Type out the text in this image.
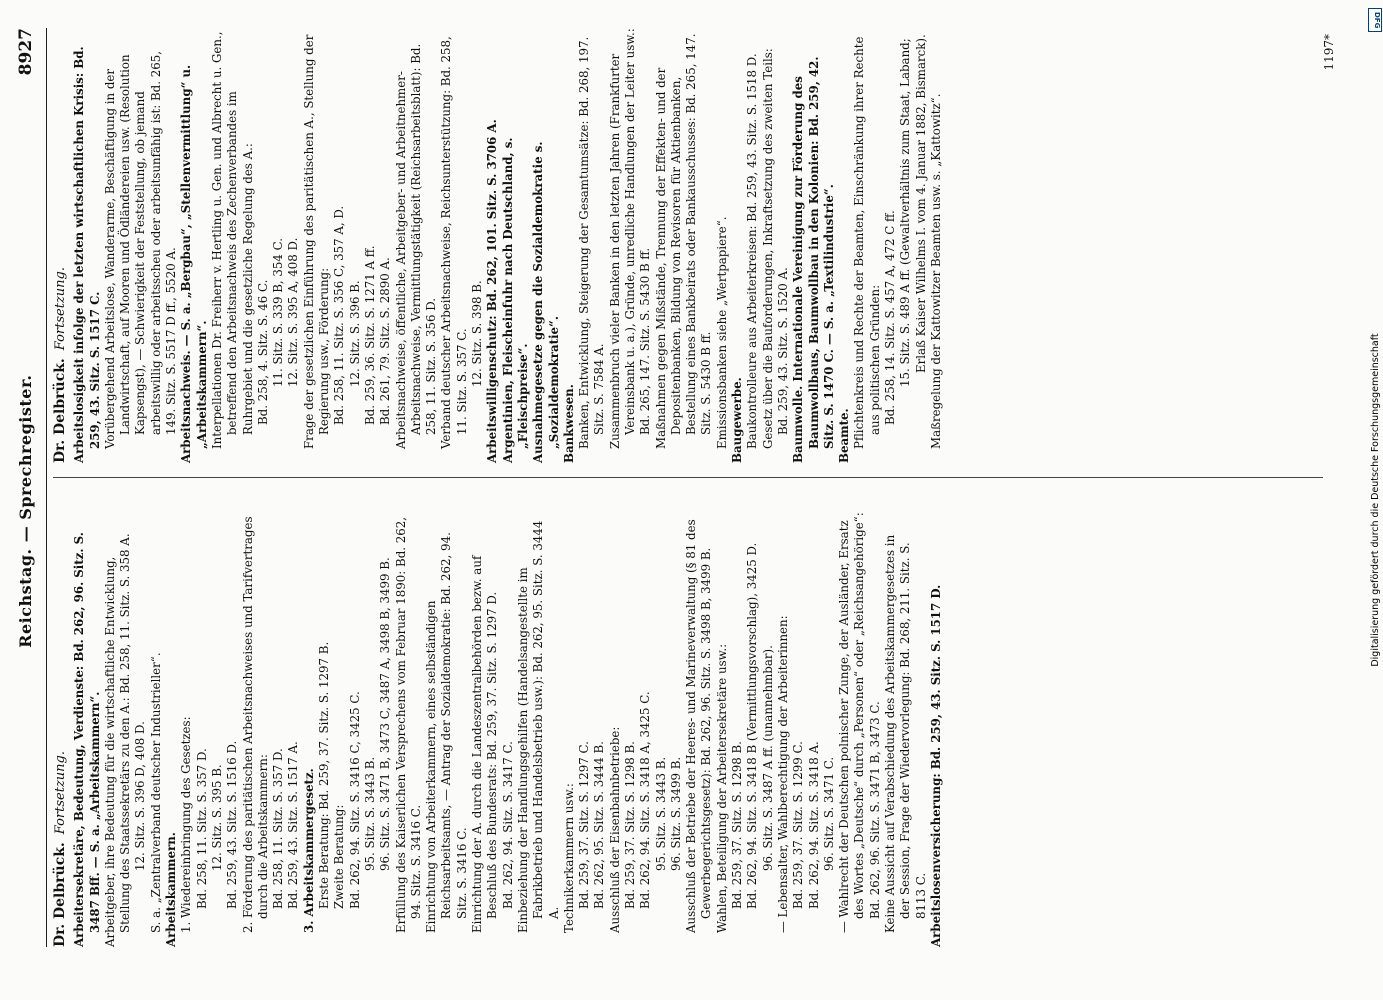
Reichstag. — Sprechregister.
8927
Dr. Delbrück.Fortsetzung. Arbeitersekretäre, Bedeutung, Verdienste: Bd. 262, 96. Sitz. S. 3487 Bff. — S. a. „Arbeitskammern“. Arbeitgeber, ihre Bedeutung für die wirtschaftliche Entwicklung, Stellung des Staatssekretärs zu den A.: Bd. 258, 11. Sitz. S. 358 A. 12. Sitz. S. 396 D, 408 D. S. a. „Zentralverband deutscher Industrieller“. Arbeitskammern. 1. Wiedereinbringung des Gesetzes: Bd. 258, 11. Sitz. S. 357 D. 12. Sitz. S. 395 B. Bd. 259, 43. Sitz. S. 1516 D. 2. Förderung des paritätischen Arbeitsnachweises und Tarifvertrages durch die Arbeitskammern: Bd. 258, 11. Sitz. S. 357 D. Bd. 259, 43. Sitz. S. 1517 A. 3. Arbeitskammergesetz. Erste Beratung: Bd. 259, 37. Sitz. S. 1297 B. Zweite Beratung: Bd. 262, 94. Sitz. S. 3416 C, 3425 C. 95. Sitz. S. 3443 B. 96. Sitz. S. 3471 B, 3473 C, 3487 A, 3498 B, 3499 B. Erfüllung des Kaiserlichen Versprechens vom Februar 1890: Bd. 262, 94. Sitz. S. 3416 C. Einrichtung von Arbeiterkammern, eines selbständigen Reichsarbeitsamts, — Antrag der Sozialdemokratie: Bd. 262, 94. Sitz. S. 3416 C. Einrichtung der A. durch die Landeszentralbehörden bezw. auf Beschluß des Bundesrats: Bd. 259, 37. Sitz. S. 1297 D. Bd. 262, 94. Sitz. S. 3417 C. Einbeziehung der Handlungsgehilfen (Handelsangestellte im Fabrikbetrieb und Handelsbetrieb usw.): Bd. 262, 95. Sitz. S. 3444 A. Technikerkammern usw.: Bd. 259, 37. Sitz. S. 1297 C. Bd. 262, 95. Sitz. S. 3444 B. Ausschluß der Eisenbahnbetriebe: Bd. 259, 37. Sitz. S. 1298 B. Bd. 262, 94. Sitz. S. 3418 A, 3425 C. 95. Sitz. S. 3443 B. 96. Sitz. S. 3499 B. Ausschluß der Betriebe der Heeres- und Marineverwaltung (§ 81 des Gewerbegerichtsgesetz): Bd. 262, 96. Sitz. S. 3498 B, 3499 B. Wahlen, Beteiligung der Arbeitersekretäre usw.: Bd. 259, 37. Sitz. S. 1298 B. Bd. 262, 94. Sitz. S. 3418 B (Vermittlungsvorschlag), 3425 D. 96. Sitz. S. 3487 A ff. (unannehmbar). — Lebensalter, Wahlberechtigung der Arbeiterinnen: Bd. 259, 37. Sitz. S. 1299 C. Bd. 262, 94. Sitz. S. 3418 A. 96. Sitz. S. 3471 C. — Wahlrecht der Deutschen polnischer Zunge, der Ausländer, Ersatz des Wortes „Deutsche“ durch „Personen“ oder „Reichsangehörige“: Bd. 262, 96. Sitz. S. 3471 B, 3473 C. Keine Aussicht auf Verabschiedung des Arbeitskammergesetzes in der Session, Frage der Wiedervorlegung: Bd. 268, 211. Sitz. S. 8113 C. Arbeitslosenversicherung: Bd. 259, 43. Sitz. S. 1517 D.

Dr. Delbrück.Fortsetzung. Arbeitslosigkeit infolge der letzten wirtschaftlichen Krisis: Bd. 259, 43. Sitz. S. 1517 C. Vorübergehend Arbeitslose, Wanderarme, Beschäftigung in der Landwirtschaft, auf Mooren und Ödländereien usw. (Resolution Kapsengst), — Schwierigkeit der Feststellung, ob jemand arbeitswillig oder arbeitsscheu oder arbeitsunfähig ist: Bd. 265, 149. Sitz. S. 5517 D ff., 5520 A. Arbeitsnachweis. — S. a. „Bergbau“, „Stellenvermittlung“ u. „Arbeitskammern“. Interpellationen Dr. Freiherr v. Hertling u. Gen. und Albrecht u. Gen., betreffend den Arbeitsnachweis des Zechenverbandes im Ruhrgebiet und die gesetzliche Regelung des A.: Bd. 258, 4. Sitz. S. 46 C. 11. Sitz. S. 339 B, 354 C. 12. Sitz. S. 395 A, 408 D. Frage der gesetzlichen Einführung des paritätischen A., Stellung der Regierung usw., Förderung: Bd. 258, 11. Sitz. S. 356 C, 357 A, D. 12. Sitz. S. 396 B. Bd. 259, 36. Sitz. S. 1271 A ff. Bd. 261, 79. Sitz. S. 2890 A. Arbeitsnachweise, öffentliche, Arbeitgeber- und Arbeitnehmer-Arbeitsnachweise, Vermittlungstätigkeit (Reichsarbeitsblatt): Bd. 258, 11. Sitz. S. 356 D. Verband deutscher Arbeitsnachweise, Reichsunterstützung: Bd. 258, 11. Sitz. S. 357 C. 12. Sitz. S. 398 B. Arbeitswilligenschutz: Bd. 262, 101. Sitz. S. 3706 A. Argentinien, Fleischeinfuhr nach Deutschland, s. „Fleischpreise“. Ausnahmegesetze gegen die Sozialdemokratie s. „Sozialdemokratie“. Bankwesen. Banken, Entwicklung, Steigerung der Gesamtumsätze: Bd. 268, 197. Sitz. S. 7584 A. Zusammenbruch vieler Banken in den letzten Jahren (Frankfurter Vereinsbank u. a.), Gründe, unredliche Handlungen der Leiter usw.: Bd. 265, 147. Sitz. S. 5430 B ff. Maßnahmen gegen Mißstände, Trennung der Effekten- und der Depositenbanken, Bildung von Revisoren für Aktienbanken, Bestellung eines Bankbeirats oder Bankausschusses: Bd. 265, 147. Sitz. S. 5430 B ff. Emissionsbanken siehe „Wertpapiere“. Baugewerbe. Baukontrolleure aus Arbeiterkreisen: Bd. 259, 43. Sitz. S. 1518 D. Gesetz über die Bauforderungen, Inkraftsetzung des zweiten Teils: Bd. 259, 43. Sitz. S. 1520 A. Baumwolle. Internationale Vereinigung zur Förderung des Baumwollbaus, Baumwollbau in den Kolonien: Bd. 259, 42. Sitz. S. 1470 C. — S. a. „Textilindustrie“. Beamte. Pflichtenkreis und Rechte der Beamten, Einschränkung ihrer Rechte aus politischen Gründen: Bd. 258, 14. Sitz. S. 457 A, 472 C ff. 15. Sitz. S. 489 A ff. (Gewaltverhältnis zum Staat, Laband; Erlaß Kaiser Wilhelms I. vom 4. Januar 1882, Bismarck). Maßregelung der Kattowitzer Beamten usw. s. „Kattowitz“.

1197*
Digitalisierung gefördert durch die Deutsche Forschungsgemeinschaft
DFG
